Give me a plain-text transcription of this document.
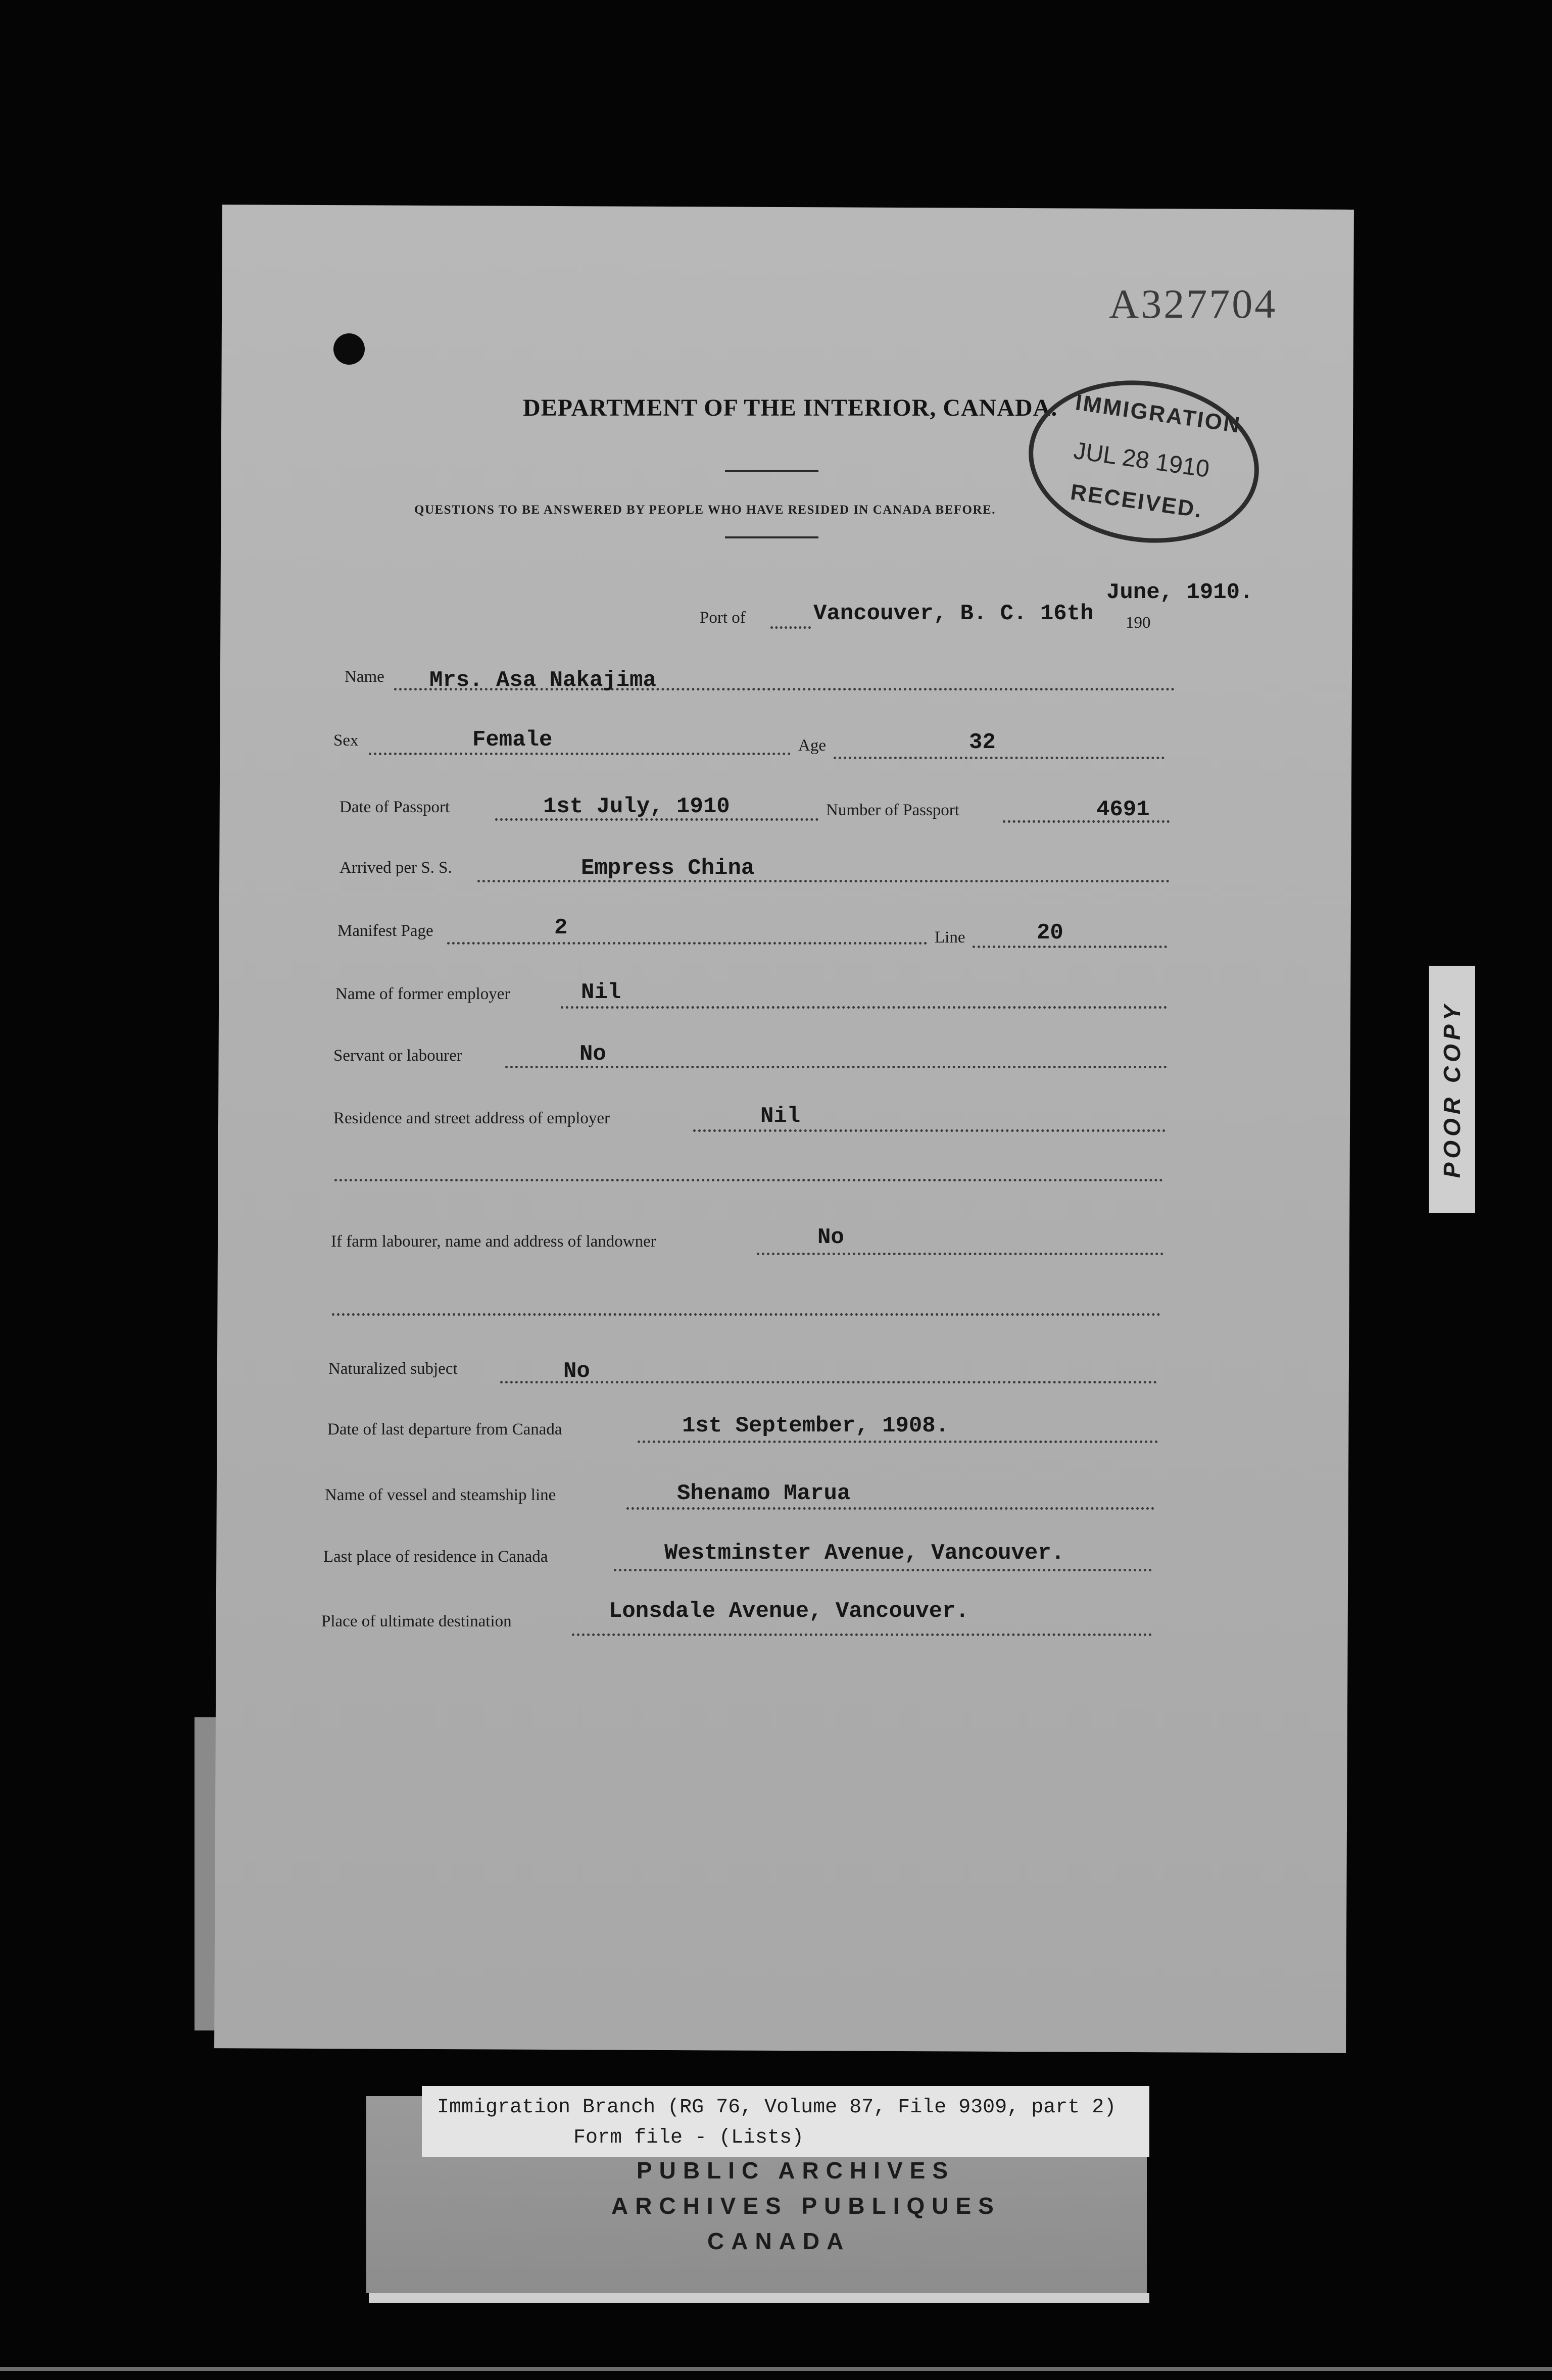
A327704
DEPARTMENT OF THE INTERIOR, CANADA.
QUESTIONS TO BE ANSWERED BY PEOPLE WHO HAVE RESIDED IN CANADA BEFORE.
IMMIGRATION
JUL 28 1910
RECEIVED.
June, 1910.
Port of	Vancouver, B. C. 16th 190
Name Mrs. Asa Nakajima
Sex	Female	Age	32
Date of Passport	1st July, 1910	Number of Passport	4691
Arrived per S. S.	Empress China
Manifest Page	2	Line	20
Name of former employer	Nil
Servant or labourer	No
Residence and street address of employer	Nil
If farm labourer, name and address of landowner	No
Naturalized subject	No
Date of last departure from Canada	1st September, 1908.
Name of vessel and steamship line	Shenamo Marua
Last place of residence in Canada	Westminster Avenue, Vancouver.
Place of ultimate destination	Lonsdale Avenue, Vancouver.
POOR COPY
Immigration Branch (RG 76, Volume 87, File 9309, part 2)
Form file - (Lists)
PUBLIC ARCHIVES
ARCHIVES PUBLIQUES
CANADA
